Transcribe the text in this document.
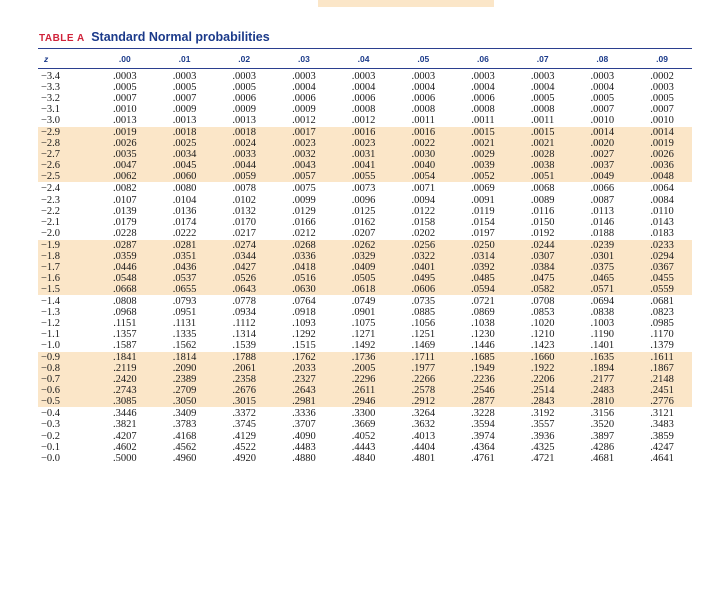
TABLE A Standard Normal probabilities
z	.00	.01	.02	.03	.04	.05	.06	.07	.08	.09
−3.4	.0003	.0003	.0003	.0003	.0003	.0003	.0003	.0003	.0003	.0002
−3.3	.0005	.0005	.0005	.0004	.0004	.0004	.0004	.0004	.0004	.0003
−3.2	.0007	.0007	.0006	.0006	.0006	.0006	.0006	.0005	.0005	.0005
−3.1	.0010	.0009	.0009	.0009	.0008	.0008	.0008	.0008	.0007	.0007
−3.0	.0013	.0013	.0013	.0012	.0012	.0011	.0011	.0011	.0010	.0010
−2.9	.0019	.0018	.0018	.0017	.0016	.0016	.0015	.0015	.0014	.0014
−2.8	.0026	.0025	.0024	.0023	.0023	.0022	.0021	.0021	.0020	.0019
−2.7	.0035	.0034	.0033	.0032	.0031	.0030	.0029	.0028	.0027	.0026
−2.6	.0047	.0045	.0044	.0043	.0041	.0040	.0039	.0038	.0037	.0036
−2.5	.0062	.0060	.0059	.0057	.0055	.0054	.0052	.0051	.0049	.0048
−2.4	.0082	.0080	.0078	.0075	.0073	.0071	.0069	.0068	.0066	.0064
−2.3	.0107	.0104	.0102	.0099	.0096	.0094	.0091	.0089	.0087	.0084
−2.2	.0139	.0136	.0132	.0129	.0125	.0122	.0119	.0116	.0113	.0110
−2.1	.0179	.0174	.0170	.0166	.0162	.0158	.0154	.0150	.0146	.0143
−2.0	.0228	.0222	.0217	.0212	.0207	.0202	.0197	.0192	.0188	.0183
−1.9	.0287	.0281	.0274	.0268	.0262	.0256	.0250	.0244	.0239	.0233
−1.8	.0359	.0351	.0344	.0336	.0329	.0322	.0314	.0307	.0301	.0294
−1.7	.0446	.0436	.0427	.0418	.0409	.0401	.0392	.0384	.0375	.0367
−1.6	.0548	.0537	.0526	.0516	.0505	.0495	.0485	.0475	.0465	.0455
−1.5	.0668	.0655	.0643	.0630	.0618	.0606	.0594	.0582	.0571	.0559
−1.4	.0808	.0793	.0778	.0764	.0749	.0735	.0721	.0708	.0694	.0681
−1.3	.0968	.0951	.0934	.0918	.0901	.0885	.0869	.0853	.0838	.0823
−1.2	.1151	.1131	.1112	.1093	.1075	.1056	.1038	.1020	.1003	.0985
−1.1	.1357	.1335	.1314	.1292	.1271	.1251	.1230	.1210	.1190	.1170
−1.0	.1587	.1562	.1539	.1515	.1492	.1469	.1446	.1423	.1401	.1379
−0.9	.1841	.1814	.1788	.1762	.1736	.1711	.1685	.1660	.1635	.1611
−0.8	.2119	.2090	.2061	.2033	.2005	.1977	.1949	.1922	.1894	.1867
−0.7	.2420	.2389	.2358	.2327	.2296	.2266	.2236	.2206	.2177	.2148
−0.6	.2743	.2709	.2676	.2643	.2611	.2578	.2546	.2514	.2483	.2451
−0.5	.3085	.3050	.3015	.2981	.2946	.2912	.2877	.2843	.2810	.2776
−0.4	.3446	.3409	.3372	.3336	.3300	.3264	.3228	.3192	.3156	.3121
−0.3	.3821	.3783	.3745	.3707	.3669	.3632	.3594	.3557	.3520	.3483
−0.2	.4207	.4168	.4129	.4090	.4052	.4013	.3974	.3936	.3897	.3859
−0.1	.4602	.4562	.4522	.4483	.4443	.4404	.4364	.4325	.4286	.4247
−0.0	.5000	.4960	.4920	.4880	.4840	.4801	.4761	.4721	.4681	.4641
